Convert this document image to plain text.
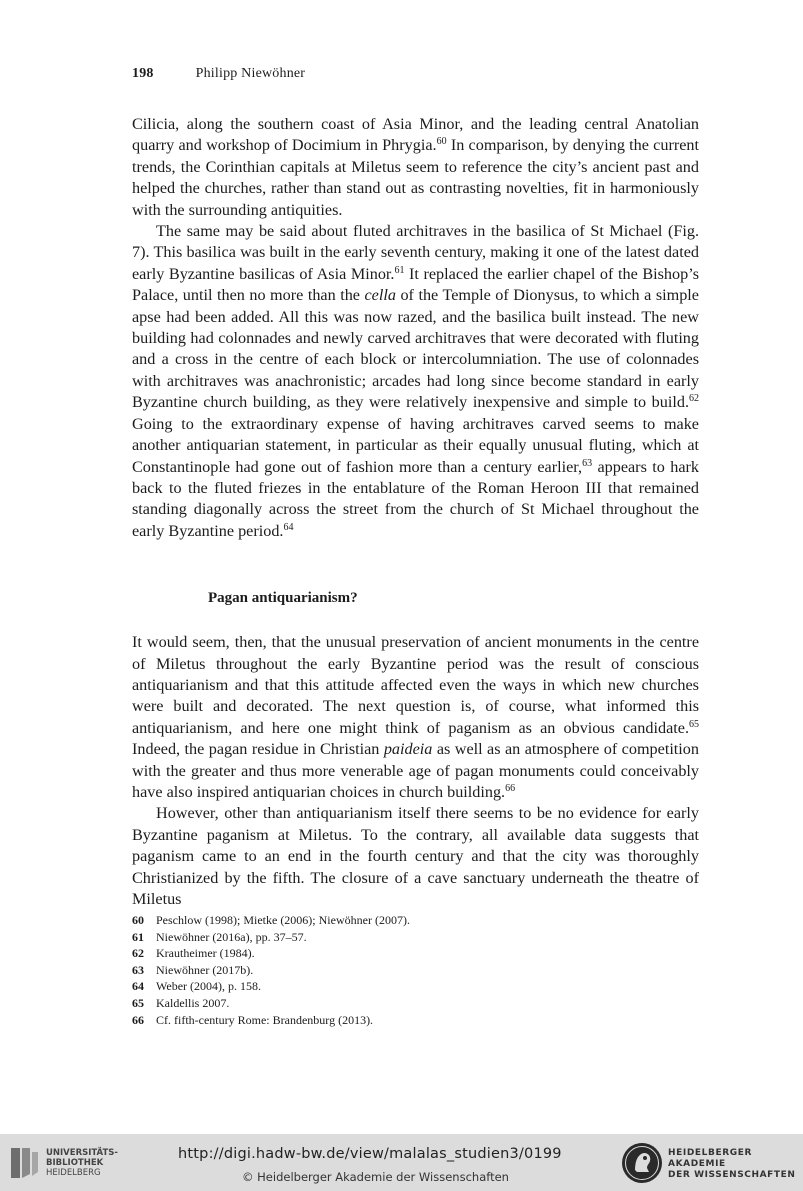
198	Philipp Niewöhner

Cilicia, along the southern coast of Asia Minor, and the leading central Anatolian quarry and workshop of Docimium in Phrygia.$^{60}$ In comparison, by denying the current trends, the Corinthian capitals at Miletus seem to reference the city’s ancient past and helped the churches, rather than stand out as contrasting novelties, fit in harmoniously with the surrounding antiquities.

The same may be said about fluted architraves in the basilica of St Michael (Fig. 7). This basilica was built in the early seventh century, making it one of the latest dated early Byzantine basilicas of Asia Minor.$^{61}$ It replaced the earlier chapel of the Bishop’s Palace, until then no more than the cella of the Temple of Dionysus, to which a simple apse had been added. All this was now razed, and the basilica built instead. The new building had colonnades and newly carved architraves that were decorated with fluting and a cross in the centre of each block or intercolumniation. The use of colonnades with architraves was anachronistic; arcades had long since become standard in early Byzantine church building, as they were relatively inexpensive and simple to build.$^{62}$ Going to the extraordinary expense of having architraves carved seems to make another antiquarian statement, in particular as their equally unusual fluting, which at Constantinople had gone out of fashion more than a century earlier,$^{63}$ appears to hark back to the fluted friezes in the entablature of the Roman Heroon III that remained standing diagonally across the street from the church of St Michael throughout the early Byzantine period.$^{64}$

Pagan antiquarianism?

It would seem, then, that the unusual preservation of ancient monuments in the centre of Miletus throughout the early Byzantine period was the result of conscious antiquarianism and that this attitude affected even the ways in which new churches were built and decorated. The next question is, of course, what informed this antiquarianism, and here one might think of paganism as an obvious candidate.$^{65}$ Indeed, the pagan residue in Christian paideia as well as an atmosphere of competition with the greater and thus more venerable age of pagan monuments could conceivably have also inspired antiquarian choices in church building.$^{66}$

However, other than antiquarianism itself there seems to be no evidence for early Byzantine paganism at Miletus. To the contrary, all available data suggests that paganism came to an end in the fourth century and that the city was thoroughly Christianized by the fifth. The closure of a cave sanctuary underneath the theatre of Miletus

60	Peschlow (1998); Mietke (2006); Niewöhner (2007).
61	Niewöhner (2016a), pp. 37–57.
62	Krautheimer (1984).
63	Niewöhner (2017b).
64	Weber (2004), p. 158.
65	Kaldellis 2007.
66	Cf. fifth-century Rome: Brandenburg (2013).
UNIVERSITÄTS-
BIBLIOTHEK
HEIDELBERG
http://digi.hadw-bw.de/view/malalas_studien3/0199
© Heidelberger Akademie der Wissenschaften
HEIDELBERGER AKADEMIE
DER WISSENSCHAFTEN
